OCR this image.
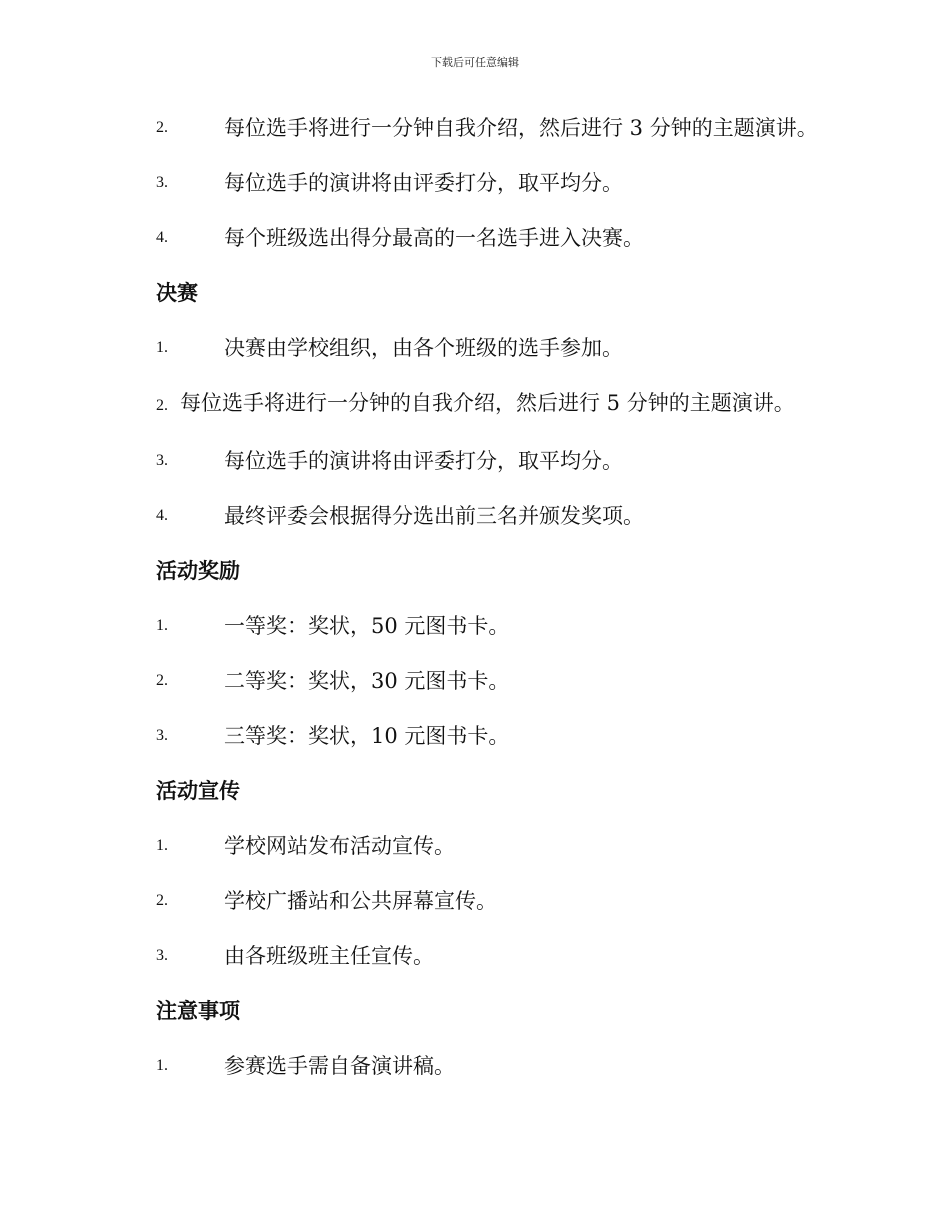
下载后可任意编辑
2.	每位选手将进行一分钟自我介绍，然后进行 3 分钟的主题演讲。
3.	每位选手的演讲将由评委打分，取平均分。
4.	每个班级选出得分最高的一名选手进入决赛。
决赛
1.	决赛由学校组织，由各个班级的选手参加。
2. 每位选手将进行一分钟的自我介绍，然后进行 5 分钟的主题演讲。
3.	每位选手的演讲将由评委打分，取平均分。
4.	最终评委会根据得分选出前三名并颁发奖项。
活动奖励
1.	一等奖：奖状，50 元图书卡。
2.	二等奖：奖状，30 元图书卡。
3.	三等奖：奖状，10 元图书卡。
活动宣传
1.	学校网站发布活动宣传。
2.	学校广播站和公共屏幕宣传。
3.	由各班级班主任宣传。
注意事项
1.	参赛选手需自备演讲稿。
